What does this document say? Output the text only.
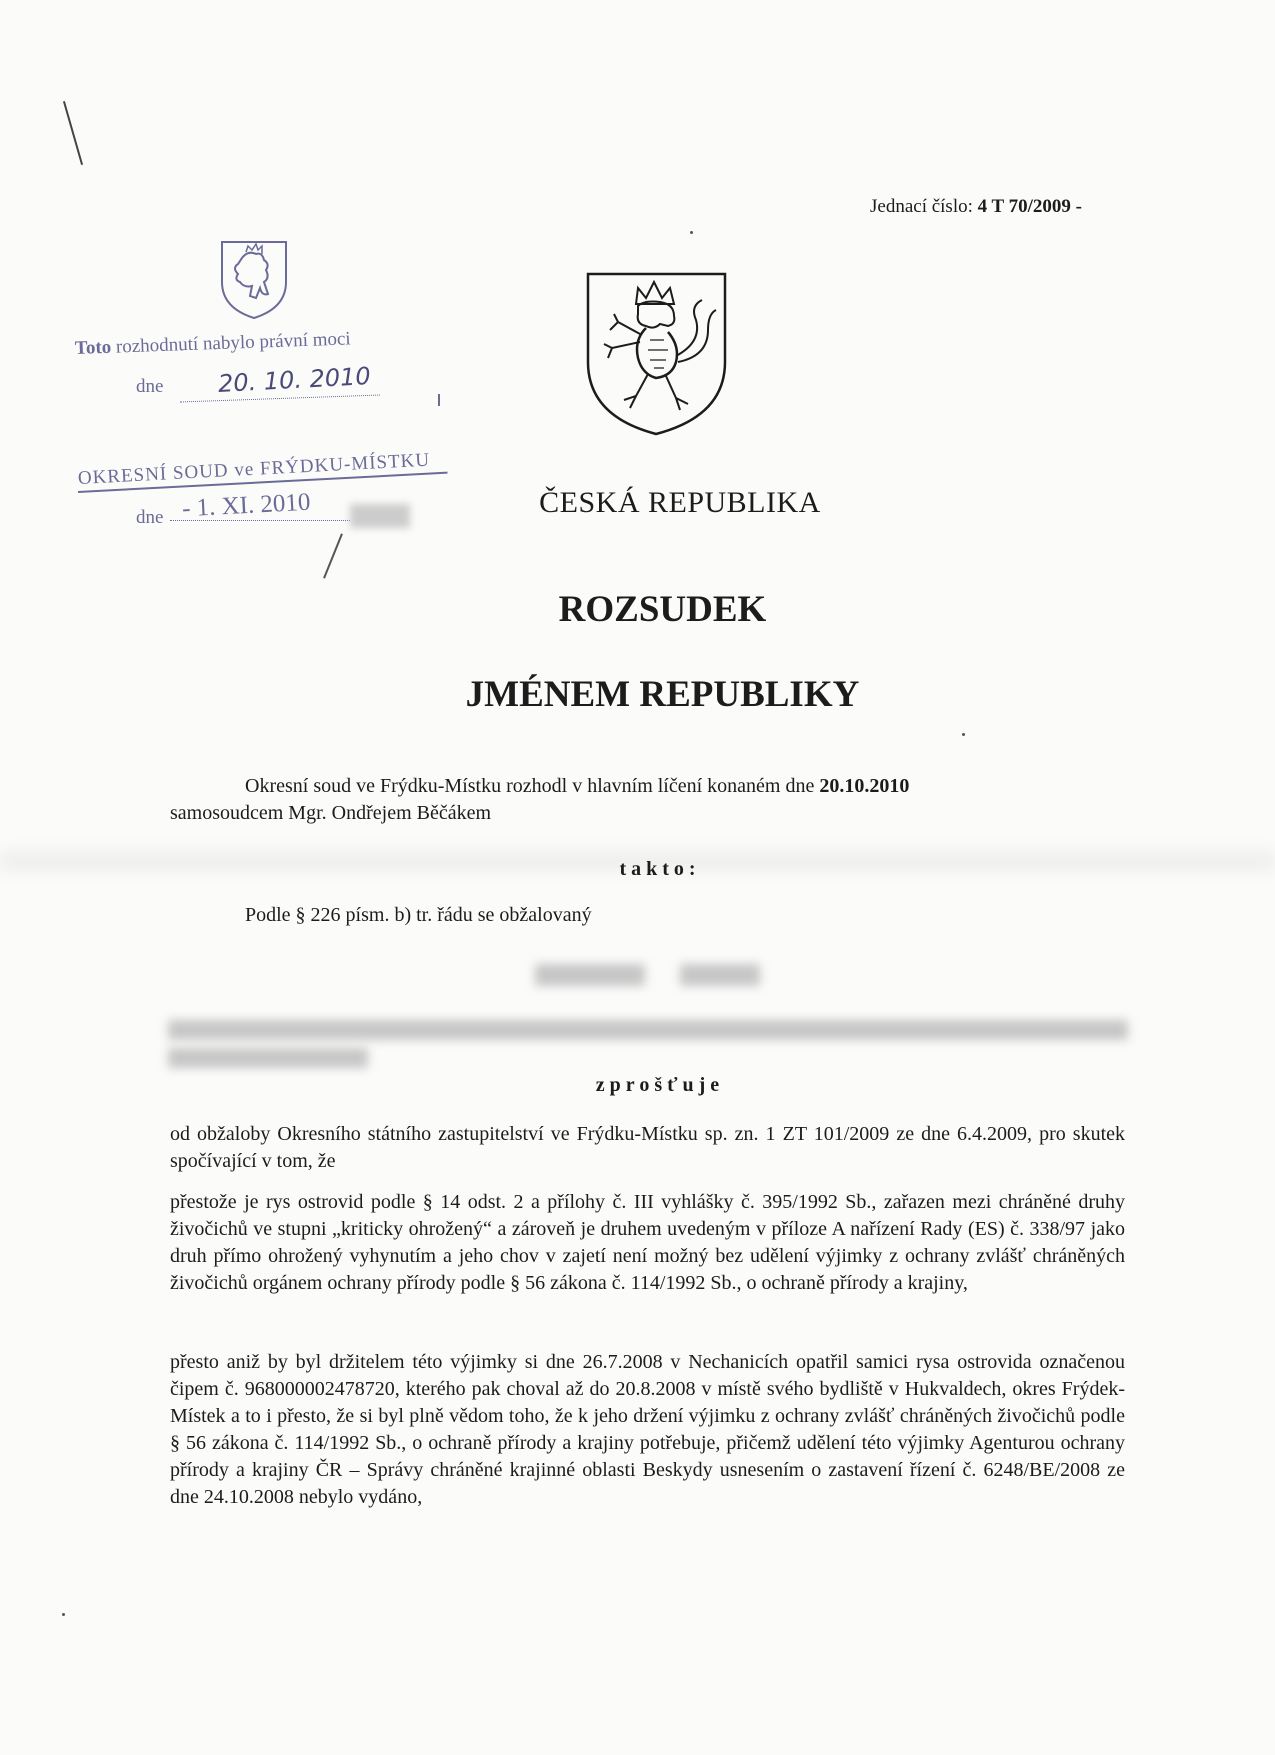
Jednací číslo: 4 T 70/2009 -
Toto rozhodnutí nabylo právní moci
dne 20. 10. 2010
OKRESNÍ SOUD ve FRÝDKU-MÍSTKU
dne - 1. XI. 2010	ČESKÁ REPUBLIKA
ROZSUDEK
JMÉNEM REPUBLIKY
Okresní soud ve Frýdku-Místku rozhodl v hlavním líčení konaném dne 20.10.2010
samosoudcem Mgr. Ondřejem Běčákem
takto:
Podle § 226 písm. b) tr. řádu se obžalovaný
zprošťuje
od obžaloby Okresního státního zastupitelství ve Frýdku-Místku sp. zn. 1 ZT 101/2009 ze dne 6.4.2009, pro skutek spočívající v tom, že
přestože je rys ostrovid podle § 14 odst. 2 a přílohy č. III vyhlášky č. 395/1992 Sb., zařazen mezi chráněné druhy živočichů ve stupni „kriticky ohrožený“ a zároveň je druhem uvedeným v příloze A nařízení Rady (ES) č. 338/97 jako druh přímo ohrožený vyhynutím a jeho chov v zajetí není možný bez udělení výjimky z ochrany zvlášť chráněných živočichů orgánem ochrany přírody podle § 56 zákona č. 114/1992 Sb., o ochraně přírody a krajiny,
přesto aniž by byl držitelem této výjimky si dne 26.7.2008 v Nechanicích opatřil samici rysa ostrovida označenou čipem č. 968000002478720, kterého pak choval až do 20.8.2008 v místě svého bydliště v Hukvaldech, okres Frýdek-Místek a to i přesto, že si byl plně vědom toho, že k jeho držení výjimku z ochrany zvlášť chráněných živočichů podle § 56 zákona č. 114/1992 Sb., o ochraně přírody a krajiny potřebuje, přičemž udělení této výjimky Agenturou ochrany přírody a krajiny ČR – Správy chráněné krajinné oblasti Beskydy usnesením o zastavení řízení č. 6248/BE/2008 ze dne 24.10.2008 nebylo vydáno,
